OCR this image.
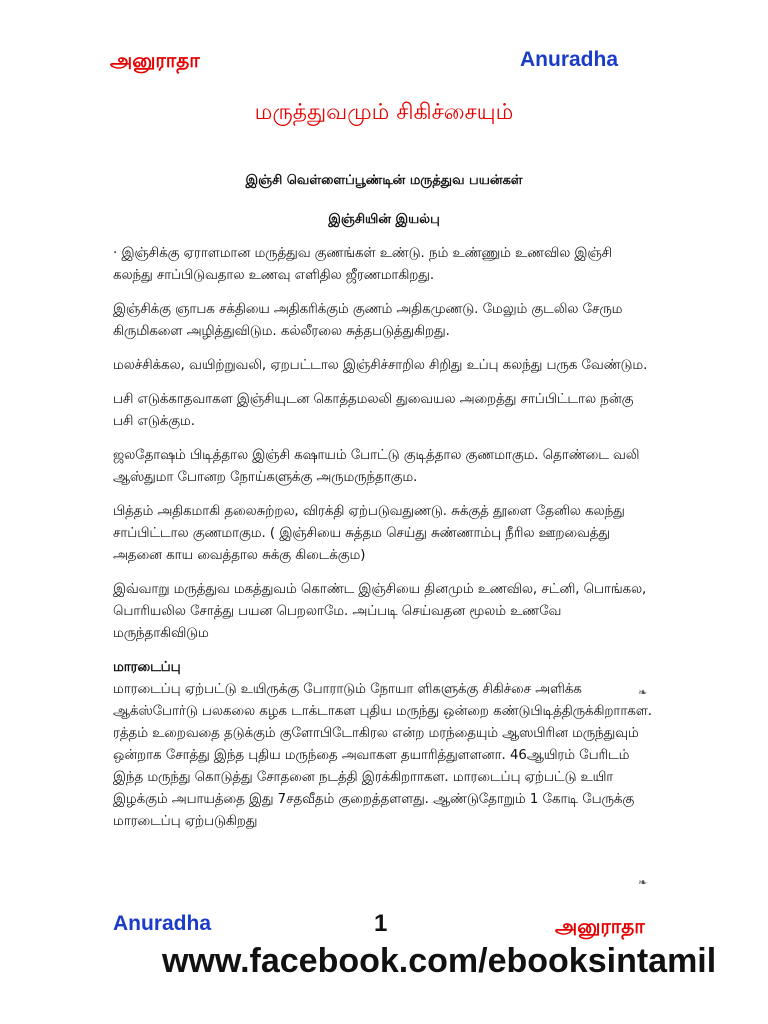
அனுராதா	Anuradha
மருத்துவமும் சிகிச்சையும்
இஞ்சி வெள்ளைப்பூண்டின் மருத்துவ பயன்கள்
இஞ்சியின் இயல்பு

· இஞ்சிக்கு ஏராளமான மருத்துவ குணங்கள் உண்டு. நம் உண்ணும் உணவில இஞ்சி கலந்து சாப்பிடுவதால உணவு எளிதில ஜீரணமாகிறது.

இஞ்சிக்கு ஞாபக சக்தியை அதிகரிக்கும் குணம் அதிகமுணடு. மேலும் குடலில சேரும கிருமிகளை அழித்துவிடும. கல்லீரலை சுத்தபடுத்துகிறது.

மலச்சிக்கல, வயிற்றுவலி, ஏறபட்டால இஞ்சிச்சாறில சிறிது உப்பு கலந்து பருக வேண்டும.

பசி எடுக்காதவாகள இஞ்சியுடன கொத்தமலலி துவையல அறைத்து சாப்பிட்டால நன்கு பசி எடுக்கும.

ஜலதோஷம் பிடித்தால இஞ்சி கஷாயம் போட்டு குடித்தால குணமாகும. தொண்டை வலி ஆஸ்துமா போனற நோய்களுக்கு அருமருந்தாகும.

பித்தம் அதிகமாகி தலைசுற்றல, விரக்தி ஏற்படுவதுணடு. சுக்குத் தூளை தேனில கலந்து சாப்பிட்டால குணமாகும. ( இஞ்சியை சுத்தம செய்து சுண்ணாம்பு நீரில ஊறவைத்து அதனை காய வைத்தால சுக்கு கிடைக்கும)

இவ்வாறு மருத்துவ மகத்துவம் கொண்ட இஞ்சியை தினமும் உணவில, சட்னி, பொங்கல, பொரியலில சோத்து பயன பெறலாமே. அப்படி செய்வதன மூலம் உணவே மருந்தாகிவிடும

மாரடைப்பு

மாரடைப்பு ஏற்பட்டு உயிருக்கு போராடும் நோயா ளிகளுக்கு சிகிச்சை அளிக்க ஆக்ஸ்போர்டு பலகலை கழக டாக்டாகள புதிய மருந்து ஒன்றை கண்டுபிடித்திருக்கிறாாகள. ரத்தம் உறைவதை தடுக்கும் குளோபிடோகிரல என்ற மரந்தையும் ஆஸபிரின மருந்துவும் ஒன்றாக சோத்து இந்த புதிய மருந்தை அவாகள தயாரித்துளளனா. 46ஆயிரம் பேரிடம் இந்த மருந்து கொடுத்து சோதனை நடத்தி இரக்கிறாாகள. மாரடைப்பு ஏற்பட்டு உயிா இழக்கும் அபாயத்தை இது 7சதவீதம் குறைத்தளளது. ஆண்டுதோறும் 1 கோடி பேருக்கு மாரடைப்பு ஏற்படுகிறது

❧
❧
Anuradha	1	அனுராதா
www.facebook.com/ebooksintamil
